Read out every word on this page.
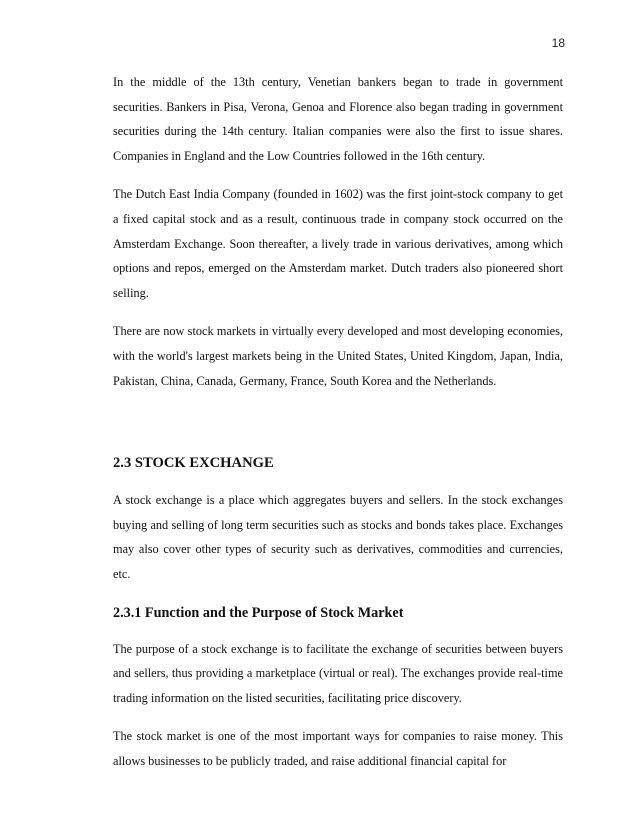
18

In the middle of the 13th century, Venetian bankers began to trade in government securities. Bankers in Pisa, Verona, Genoa and Florence also began trading in government securities during the 14th century. Italian companies were also the first to issue shares. Companies in England and the Low Countries followed in the 16th century.

The Dutch East India Company (founded in 1602) was the first joint-stock company to get a fixed capital stock and as a result, continuous trade in company stock occurred on the Amsterdam Exchange. Soon thereafter, a lively trade in various derivatives, among which options and repos, emerged on the Amsterdam market. Dutch traders also pioneered short selling.

There are now stock markets in virtually every developed and most developing economies, with the world's largest markets being in the United States, United Kingdom, Japan, India, Pakistan, China, Canada, Germany, France, South Korea and the Netherlands.

2.3 STOCK EXCHANGE

A stock exchange is a place which aggregates buyers and sellers. In the stock exchanges buying and selling of long term securities such as stocks and bonds takes place. Exchanges may also cover other types of security such as derivatives, commodities and currencies, etc.

2.3.1 Function and the Purpose of Stock Market

The purpose of a stock exchange is to facilitate the exchange of securities between buyers and sellers, thus providing a marketplace (virtual or real). The exchanges provide real-time trading information on the listed securities, facilitating price discovery.

The stock market is one of the most important ways for companies to raise money. This allows businesses to be publicly traded, and raise additional financial capital for
